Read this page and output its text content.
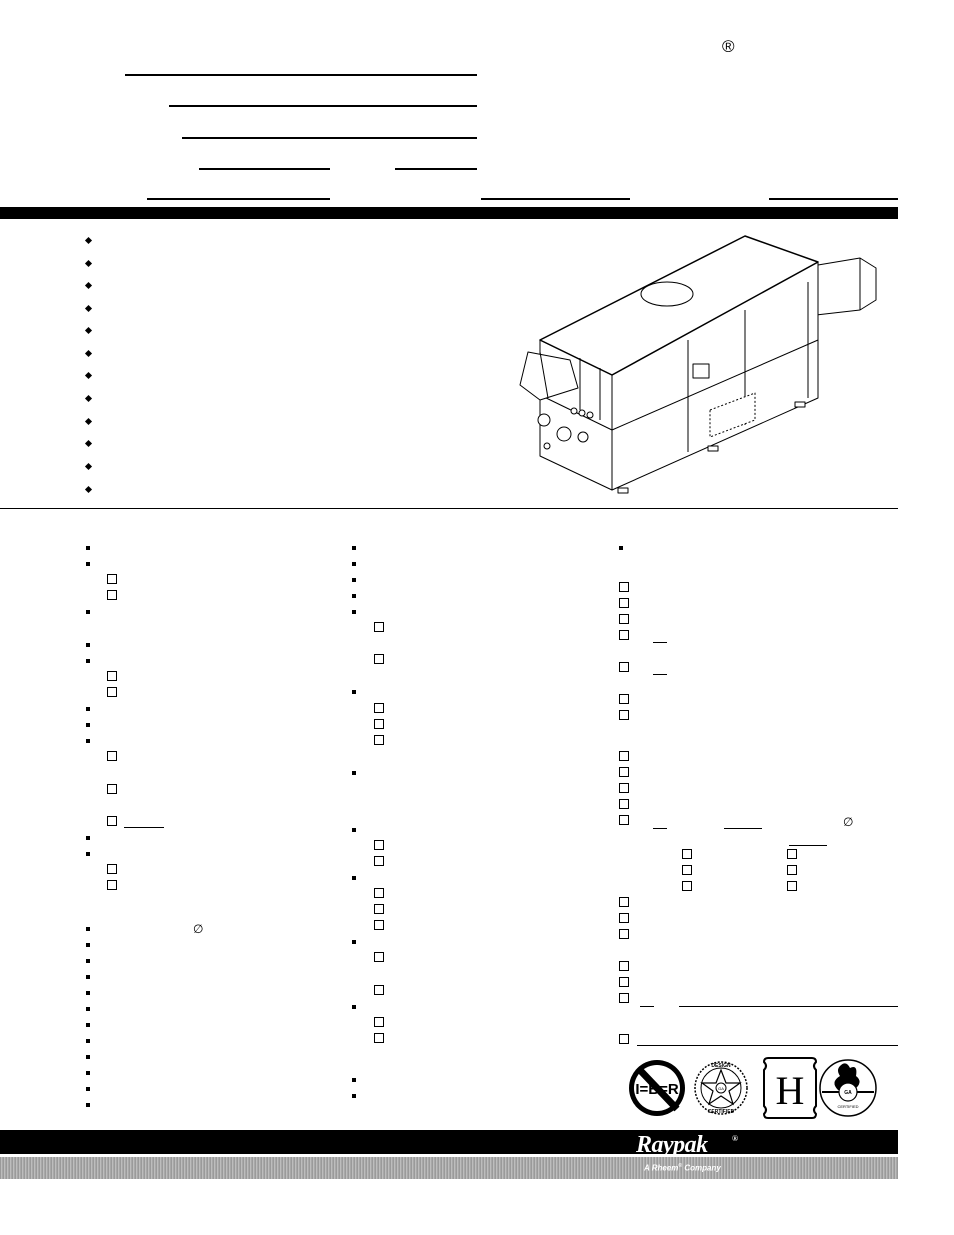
®
∅
∅
I=B=R
DESIGN
CERTIFIED
GA H	GA
CERTIFIED
Raypak	®
A Rheem® Company
